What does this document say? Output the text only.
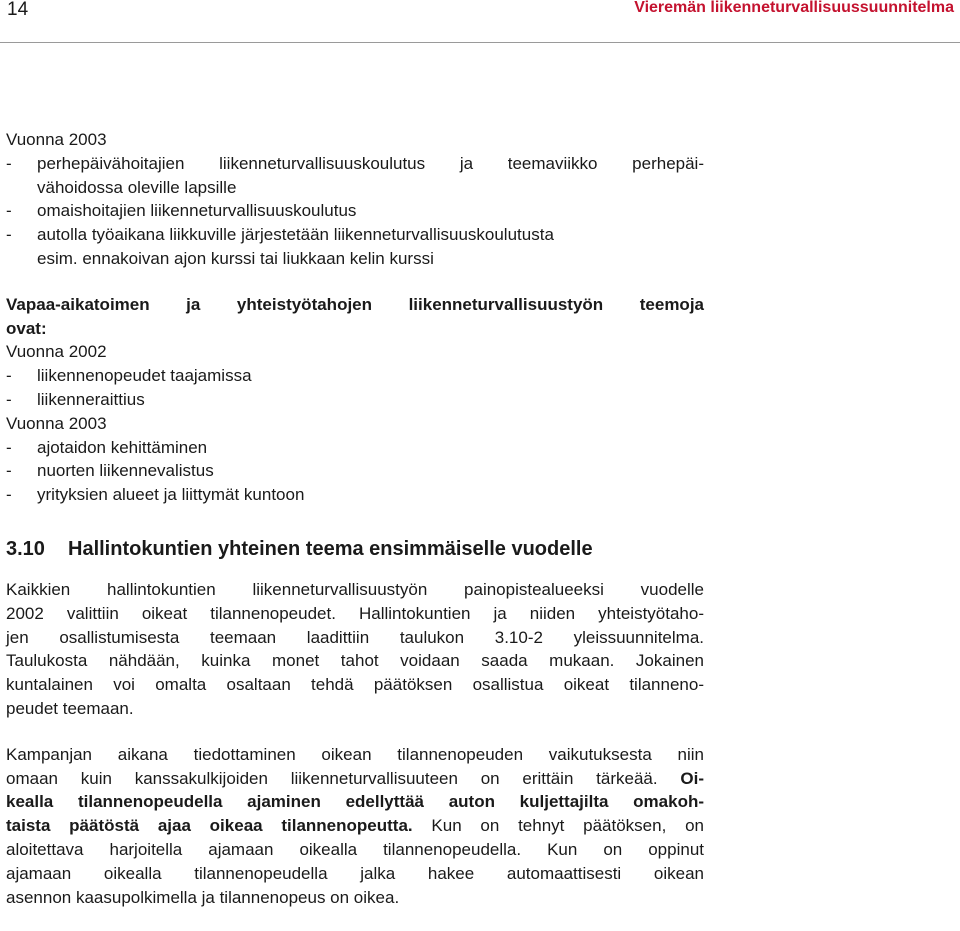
14	Vieremän liikenneturvallisuussuunnitelma
Vuonna 2003
-	perhepäivähoitajien liikenneturvallisuuskoulutus ja teemaviikko perhepäi-
vähoidossa oleville lapsille
-	omaishoitajien liikenneturvallisuuskoulutus
-	autolla työaikana liikkuville järjestetään liikenneturvallisuuskoulutusta
esim. ennakoivan ajon kurssi tai liukkaan kelin kurssi
Vapaa-aikatoimen ja yhteistyötahojen liikenneturvallisuustyön teemoja
ovat:
Vuonna 2002
-	liikennenopeudet taajamissa
-	liikenneraittius
Vuonna 2003
-	ajotaidon kehittäminen
-	nuorten liikennevalistus
-	yrityksien alueet ja liittymät kuntoon
3.10 Hallintokuntien yhteinen teema ensimmäiselle vuodelle
Kaikkien hallintokuntien liikenneturvallisuustyön painopistealueeksi vuodelle
2002 valittiin oikeat tilannenopeudet. Hallintokuntien ja niiden yhteistyötaho-
jen osallistumisesta teemaan laadittiin taulukon 3.10-2 yleissuunnitelma.
Taulukosta nähdään, kuinka monet tahot voidaan saada mukaan. Jokainen
kuntalainen voi omalta osaltaan tehdä päätöksen osallistua oikeat tilanneno-
peudet teemaan.
Kampanjan aikana tiedottaminen oikean tilannenopeuden vaikutuksesta niin
omaan kuin kanssakulkijoiden liikenneturvallisuuteen on erittäin tärkeää. Oi-
kealla tilannenopeudella ajaminen edellyttää auton kuljettajilta omakoh-
taista päätöstä ajaa oikeaa tilannenopeutta. Kun on tehnyt päätöksen, on
aloitettava harjoitella ajamaan oikealla tilannenopeudella. Kun on oppinut
ajamaan oikealla tilannenopeudella jalka hakee automaattisesti oikean
asennon kaasupolkimella ja tilannenopeus on oikea.
